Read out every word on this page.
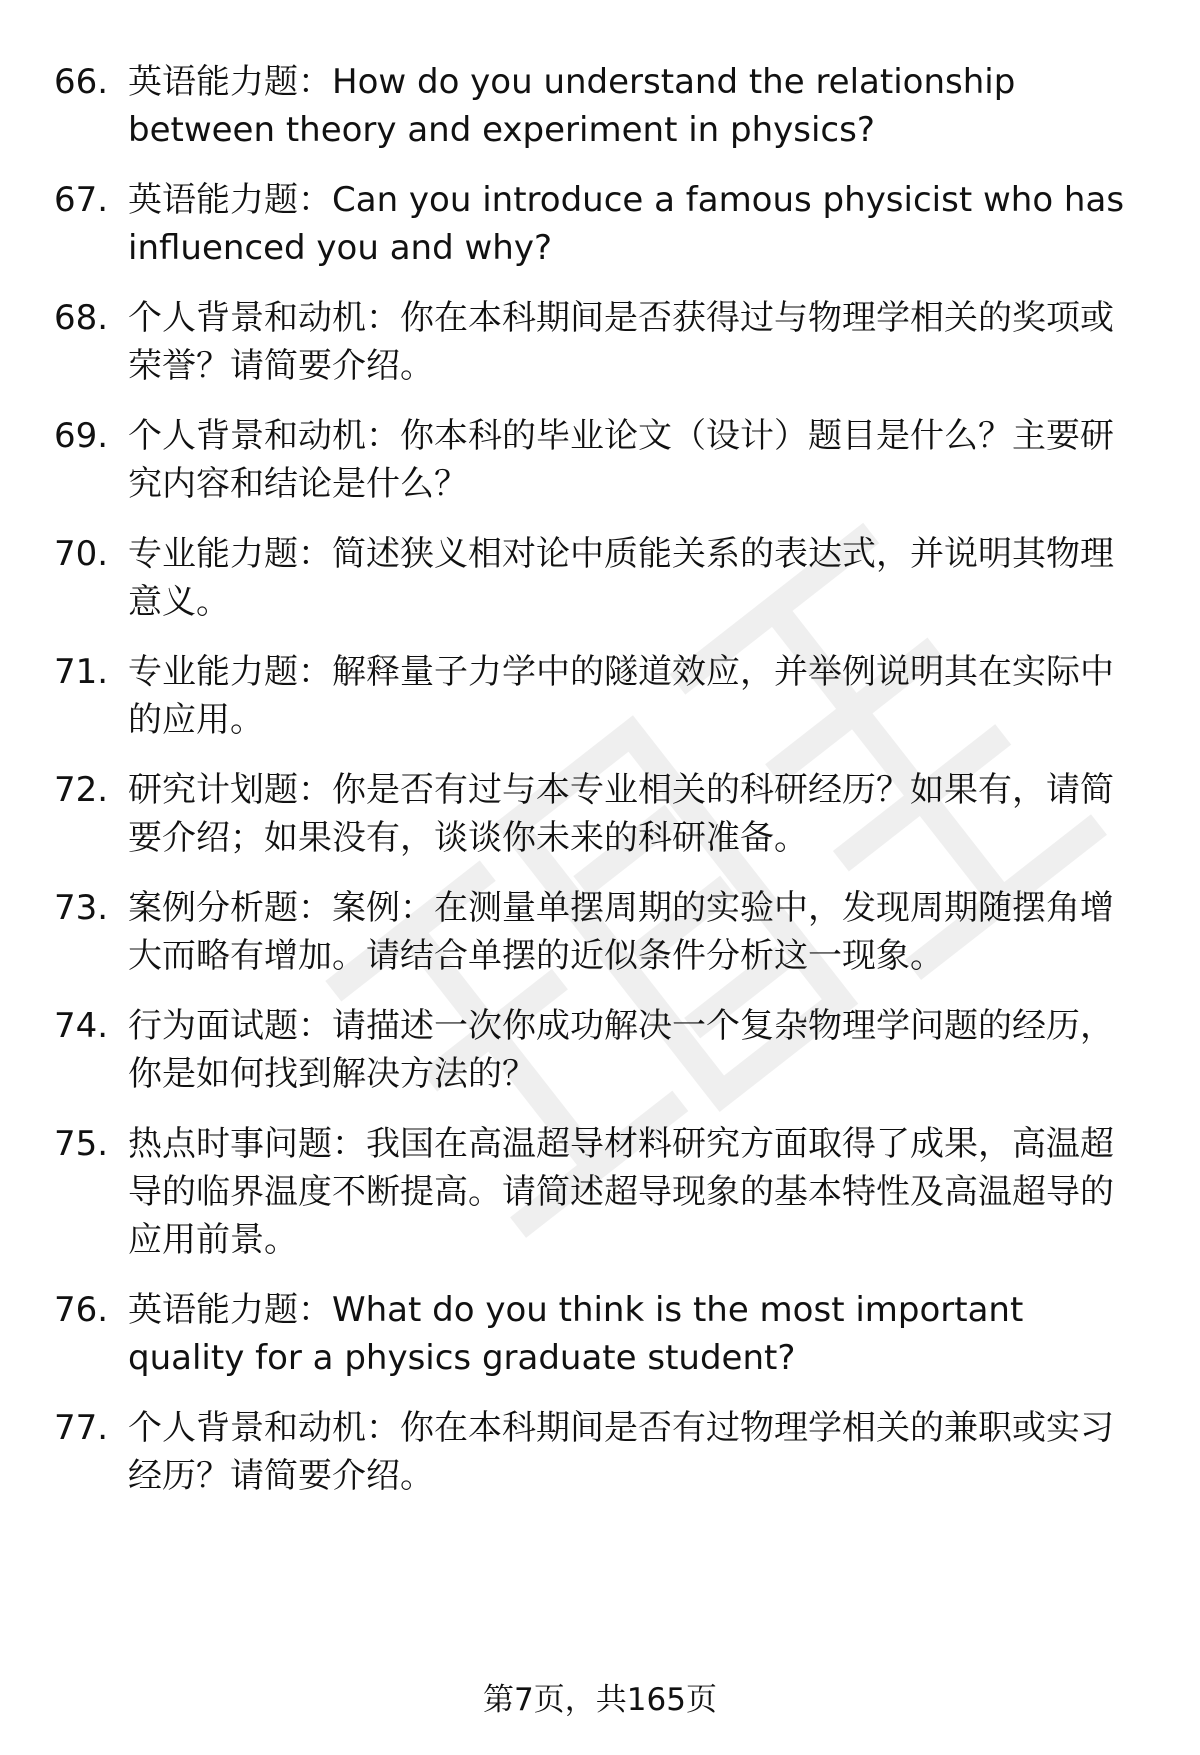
66. 英语能力题：How do you understand the relationship between theory and experiment in physics?
67. 英语能力题：Can you introduce a famous physicist who has influenced you and why?
68. 个人背景和动机：你在本科期间是否获得过与物理学相关的奖项或荣誉？请简要介绍。
69. 个人背景和动机：你本科的毕业论文（设计）题目是什么？主要研究内容和结论是什么？
70. 专业能力题：简述狭义相对论中质能关系的表达式，并说明其物理意义。
71. 专业能力题：解释量子力学中的隧道效应，并举例说明其在实际中的应用。
72. 研究计划题：你是否有过与本专业相关的科研经历？如果有，请简要介绍；如果没有，谈谈你未来的科研准备。
73. 案例分析题：案例：在测量单摆周期的实验中，发现周期随摆角增大而略有增加。请结合单摆的近似条件分析这一现象。
74. 行为面试题：请描述一次你成功解决一个复杂物理学问题的经历，你是如何找到解决方法的？
75. 热点时事问题：我国在高温超导材料研究方面取得了成果，高温超导的临界温度不断提高。请简述超导现象的基本特性及高温超导的应用前景。
76. 英语能力题：What do you think is the most important quality for a physics graduate student?
77. 个人背景和动机：你在本科期间是否有过物理学相关的兼职或实习经历？请简要介绍。
第7页，共165页
